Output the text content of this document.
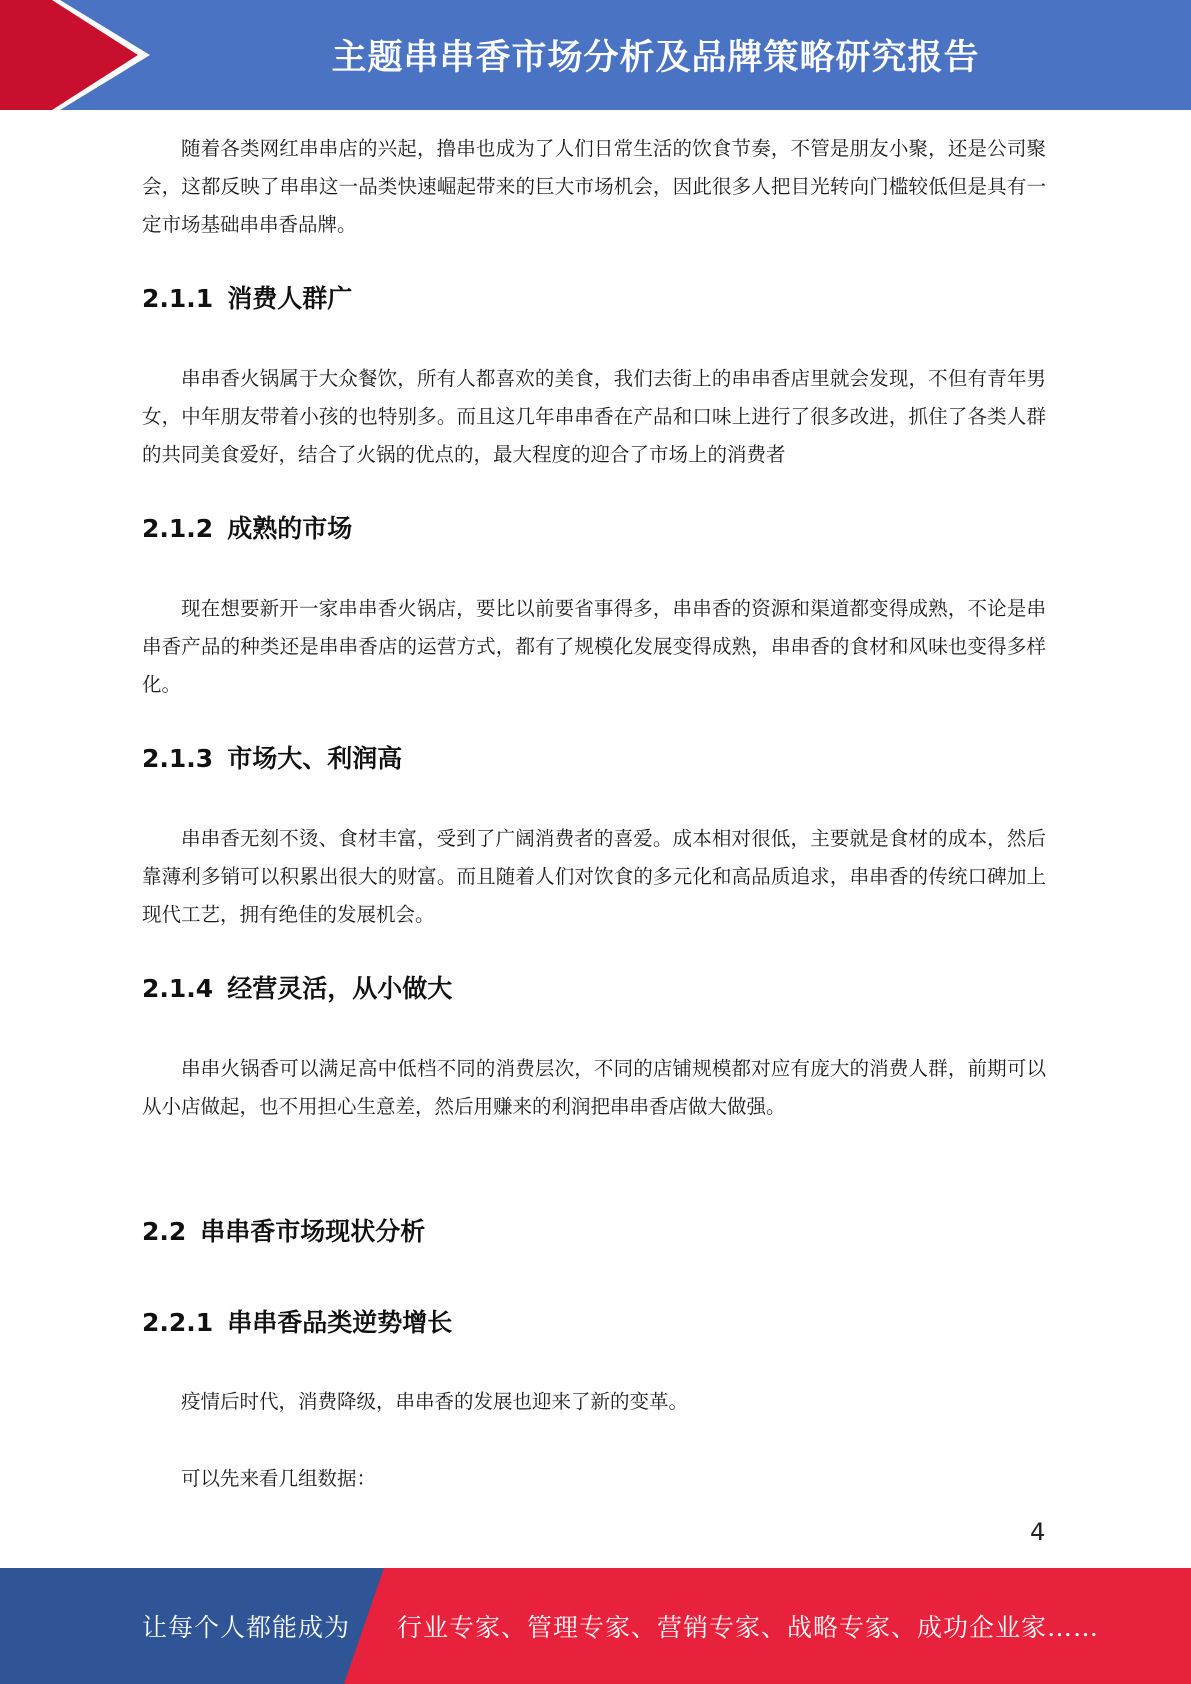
主题串串香市场分析及品牌策略研究报告

随着各类网红串串店的兴起，撸串也成为了人们日常生活的饮食节奏，不管是朋友小聚，还是公司聚会，这都反映了串串这一品类快速崛起带来的巨大市场机会，因此很多人把目光转向门槛较低但是具有一定市场基础串串香品牌。

2.1.1 消费人群广

串串香火锅属于大众餐饮，所有人都喜欢的美食，我们去街上的串串香店里就会发现，不但有青年男女，中年朋友带着小孩的也特别多。而且这几年串串香在产品和口味上进行了很多改进，抓住了各类人群的共同美食爱好，结合了火锅的优点的，最大程度的迎合了市场上的消费者

2.1.2 成熟的市场

现在想要新开一家串串香火锅店，要比以前要省事得多，串串香的资源和渠道都变得成熟，不论是串串香产品的种类还是串串香店的运营方式，都有了规模化发展变得成熟，串串香的食材和风味也变得多样化。

2.1.3 市场大、利润高

串串香无刻不烫、食材丰富，受到了广阔消费者的喜爱。成本相对很低，主要就是食材的成本，然后靠薄利多销可以积累出很大的财富。而且随着人们对饮食的多元化和高品质追求，串串香的传统口碑加上现代工艺，拥有绝佳的发展机会。

2.1.4 经营灵活，从小做大

串串火锅香可以满足高中低档不同的消费层次，不同的店铺规模都对应有庞大的消费人群，前期可以从小店做起，也不用担心生意差，然后用赚来的利润把串串香店做大做强。

2.2 串串香市场现状分析
2.2.1 串串香品类逆势增长

疫情后时代，消费降级，串串香的发展也迎来了新的变革。

可以先来看几组数据：

4
让每个人都能成为 行业专家、管理专家、营销专家、战略专家、成功企业家……
